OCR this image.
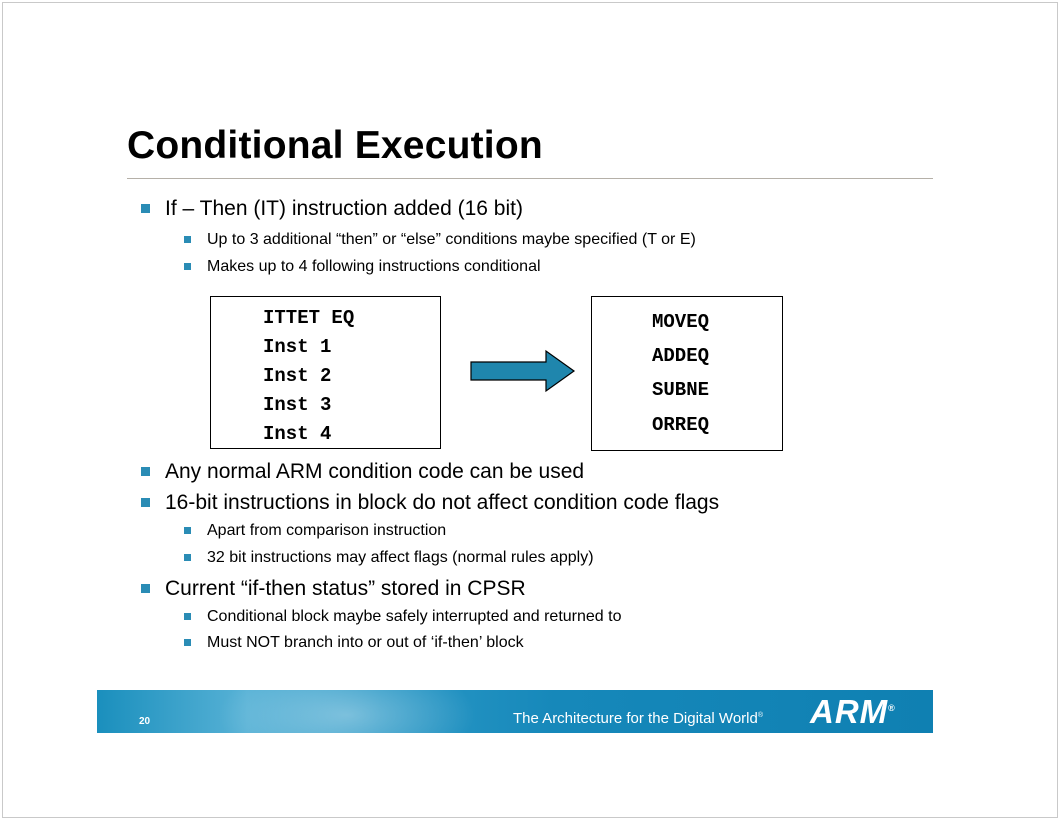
Conditional Execution
If – Then (IT) instruction added (16 bit)
Up to 3 additional “then” or “else” conditions maybe specified (T or E)
Makes up to 4 following instructions conditional
ITTET EQ
Inst 1
Inst 2
Inst 3
Inst 4
MOVEQ
ADDEQ
SUBNE
ORREQ
Any normal ARM condition code can be used
16-bit instructions in block do not affect condition code flags
Apart from comparison instruction
32 bit instructions may affect flags (normal rules apply)
Current “if-then status” stored in CPSR
Conditional block maybe safely interrupted and returned to
Must NOT branch into or out of ‘if-then’ block
20	The Architecture for the Digital World® ARM®
